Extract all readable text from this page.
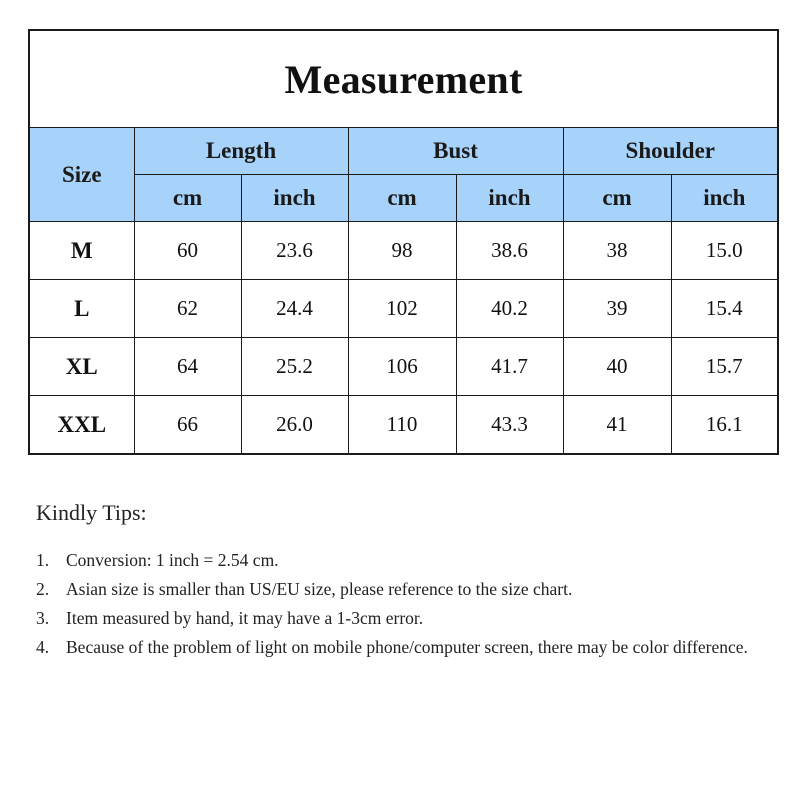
Measurement						
Size	Length		Bust		Shoulder	
	cm	inch	cm	inch	cm	inch
M	60	23.6	98	38.6	38	15.0
L	62	24.4	102	40.2	39	15.4
XL	64	25.2	106	41.7	40	15.7
XXL	66	26.0	110	43.3	41	16.1
Kindly Tips:
1. Conversion: 1 inch = 2.54 cm.
2. Asian size is smaller than US/EU size, please reference to the size chart.
3. Item measured by hand, it may have a 1-3cm error.
4. Because of the problem of light on mobile phone/computer screen, there may be color difference.
